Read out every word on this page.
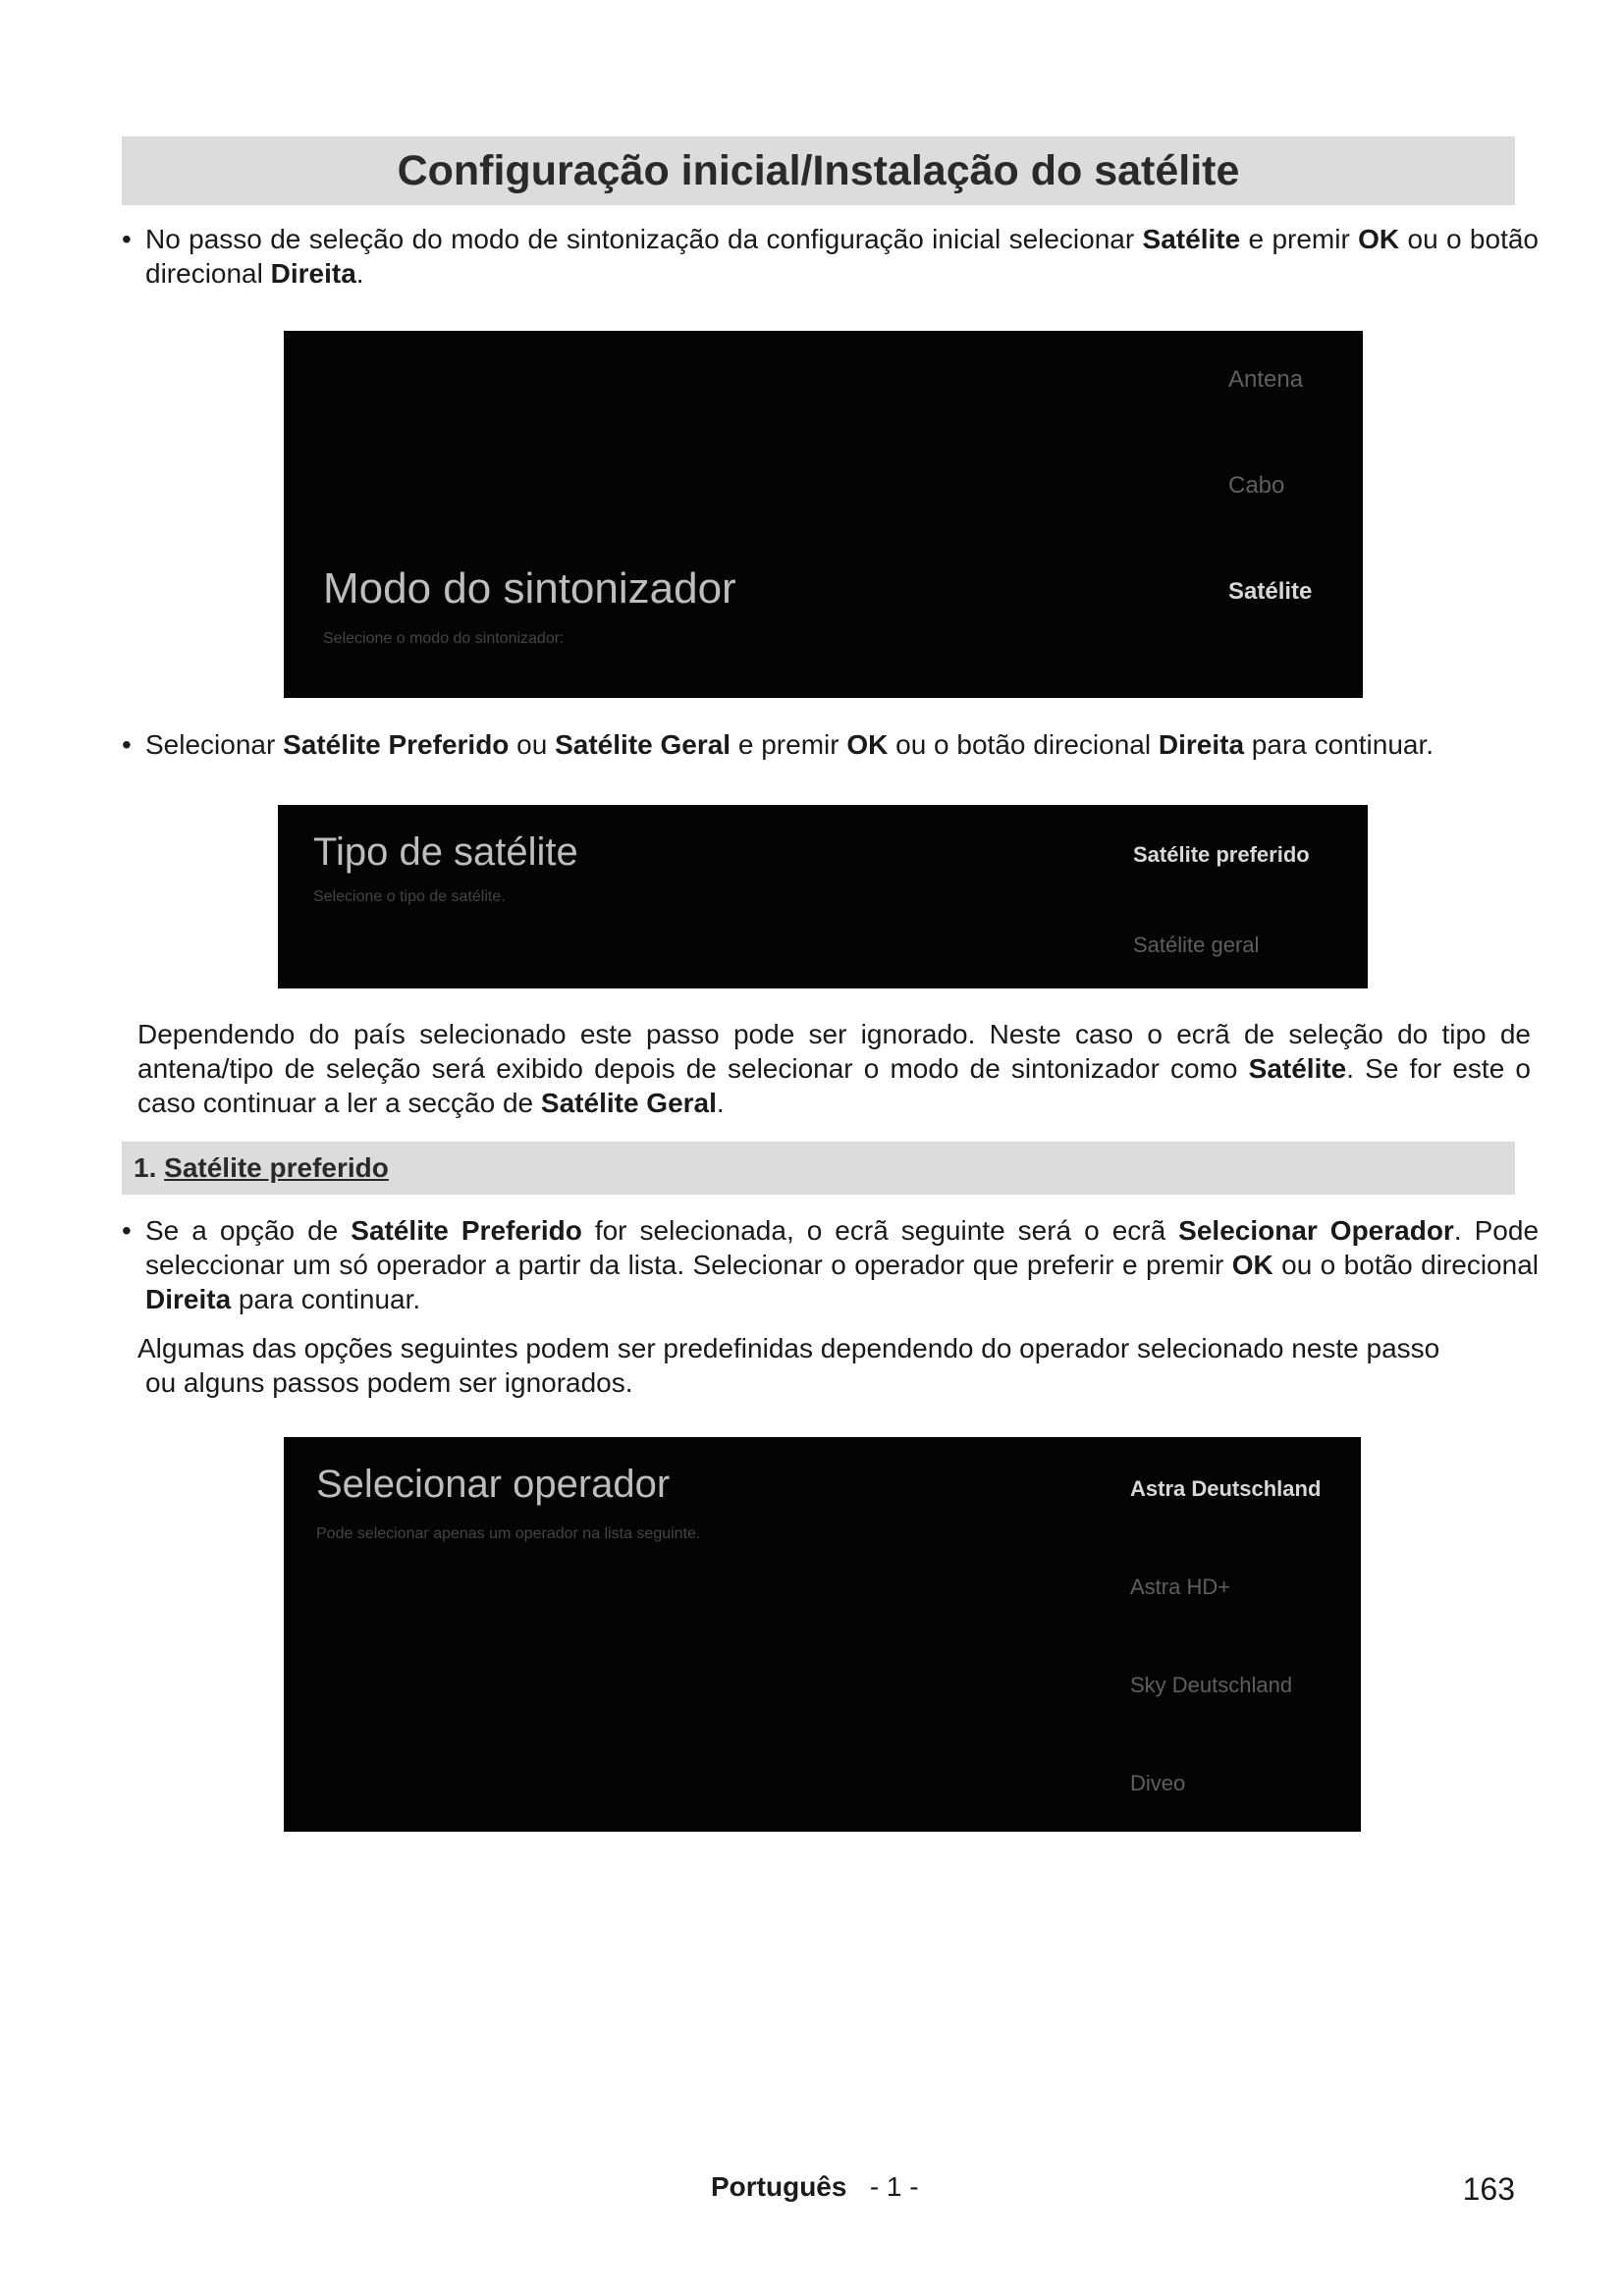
Configuração inicial/Instalação do satélite

• No passo de seleção do modo de sintonização da configuração inicial selecionar Satélite e premir OK ou o botão direcional Direita.

Antena
Cabo
Satélite
Modo do sintonizador
Selecione o modo do sintonizador:

• Selecionar Satélite Preferido ou Satélite Geral e premir OK ou o botão direcional Direita para continuar.

Tipo de satélite
Selecione o tipo de satélite.
Satélite preferido
Satélite geral

Dependendo do país selecionado este passo pode ser ignorado. Neste caso o ecrã de seleção do tipo de antena/tipo de seleção será exibido depois de selecionar o modo de sintonizador como Satélite. Se for este o caso continuar a ler a secção de Satélite Geral.

1. Satélite preferido

• Se a opção de Satélite Preferido for selecionada, o ecrã seguinte será o ecrã Selecionar Operador. Pode seleccionar um só operador a partir da lista. Selecionar o operador que preferir e premir OK ou o botão direcional Direita para continuar.

Algumas das opções seguintes podem ser predefinidas dependendo do operador selecionado neste passo
ou alguns passos podem ser ignorados.

Selecionar operador
Pode selecionar apenas um operador na lista seguinte.
Astra Deutschland
Astra HD+
Sky Deutschland
Diveo
Português - 1 -	163
